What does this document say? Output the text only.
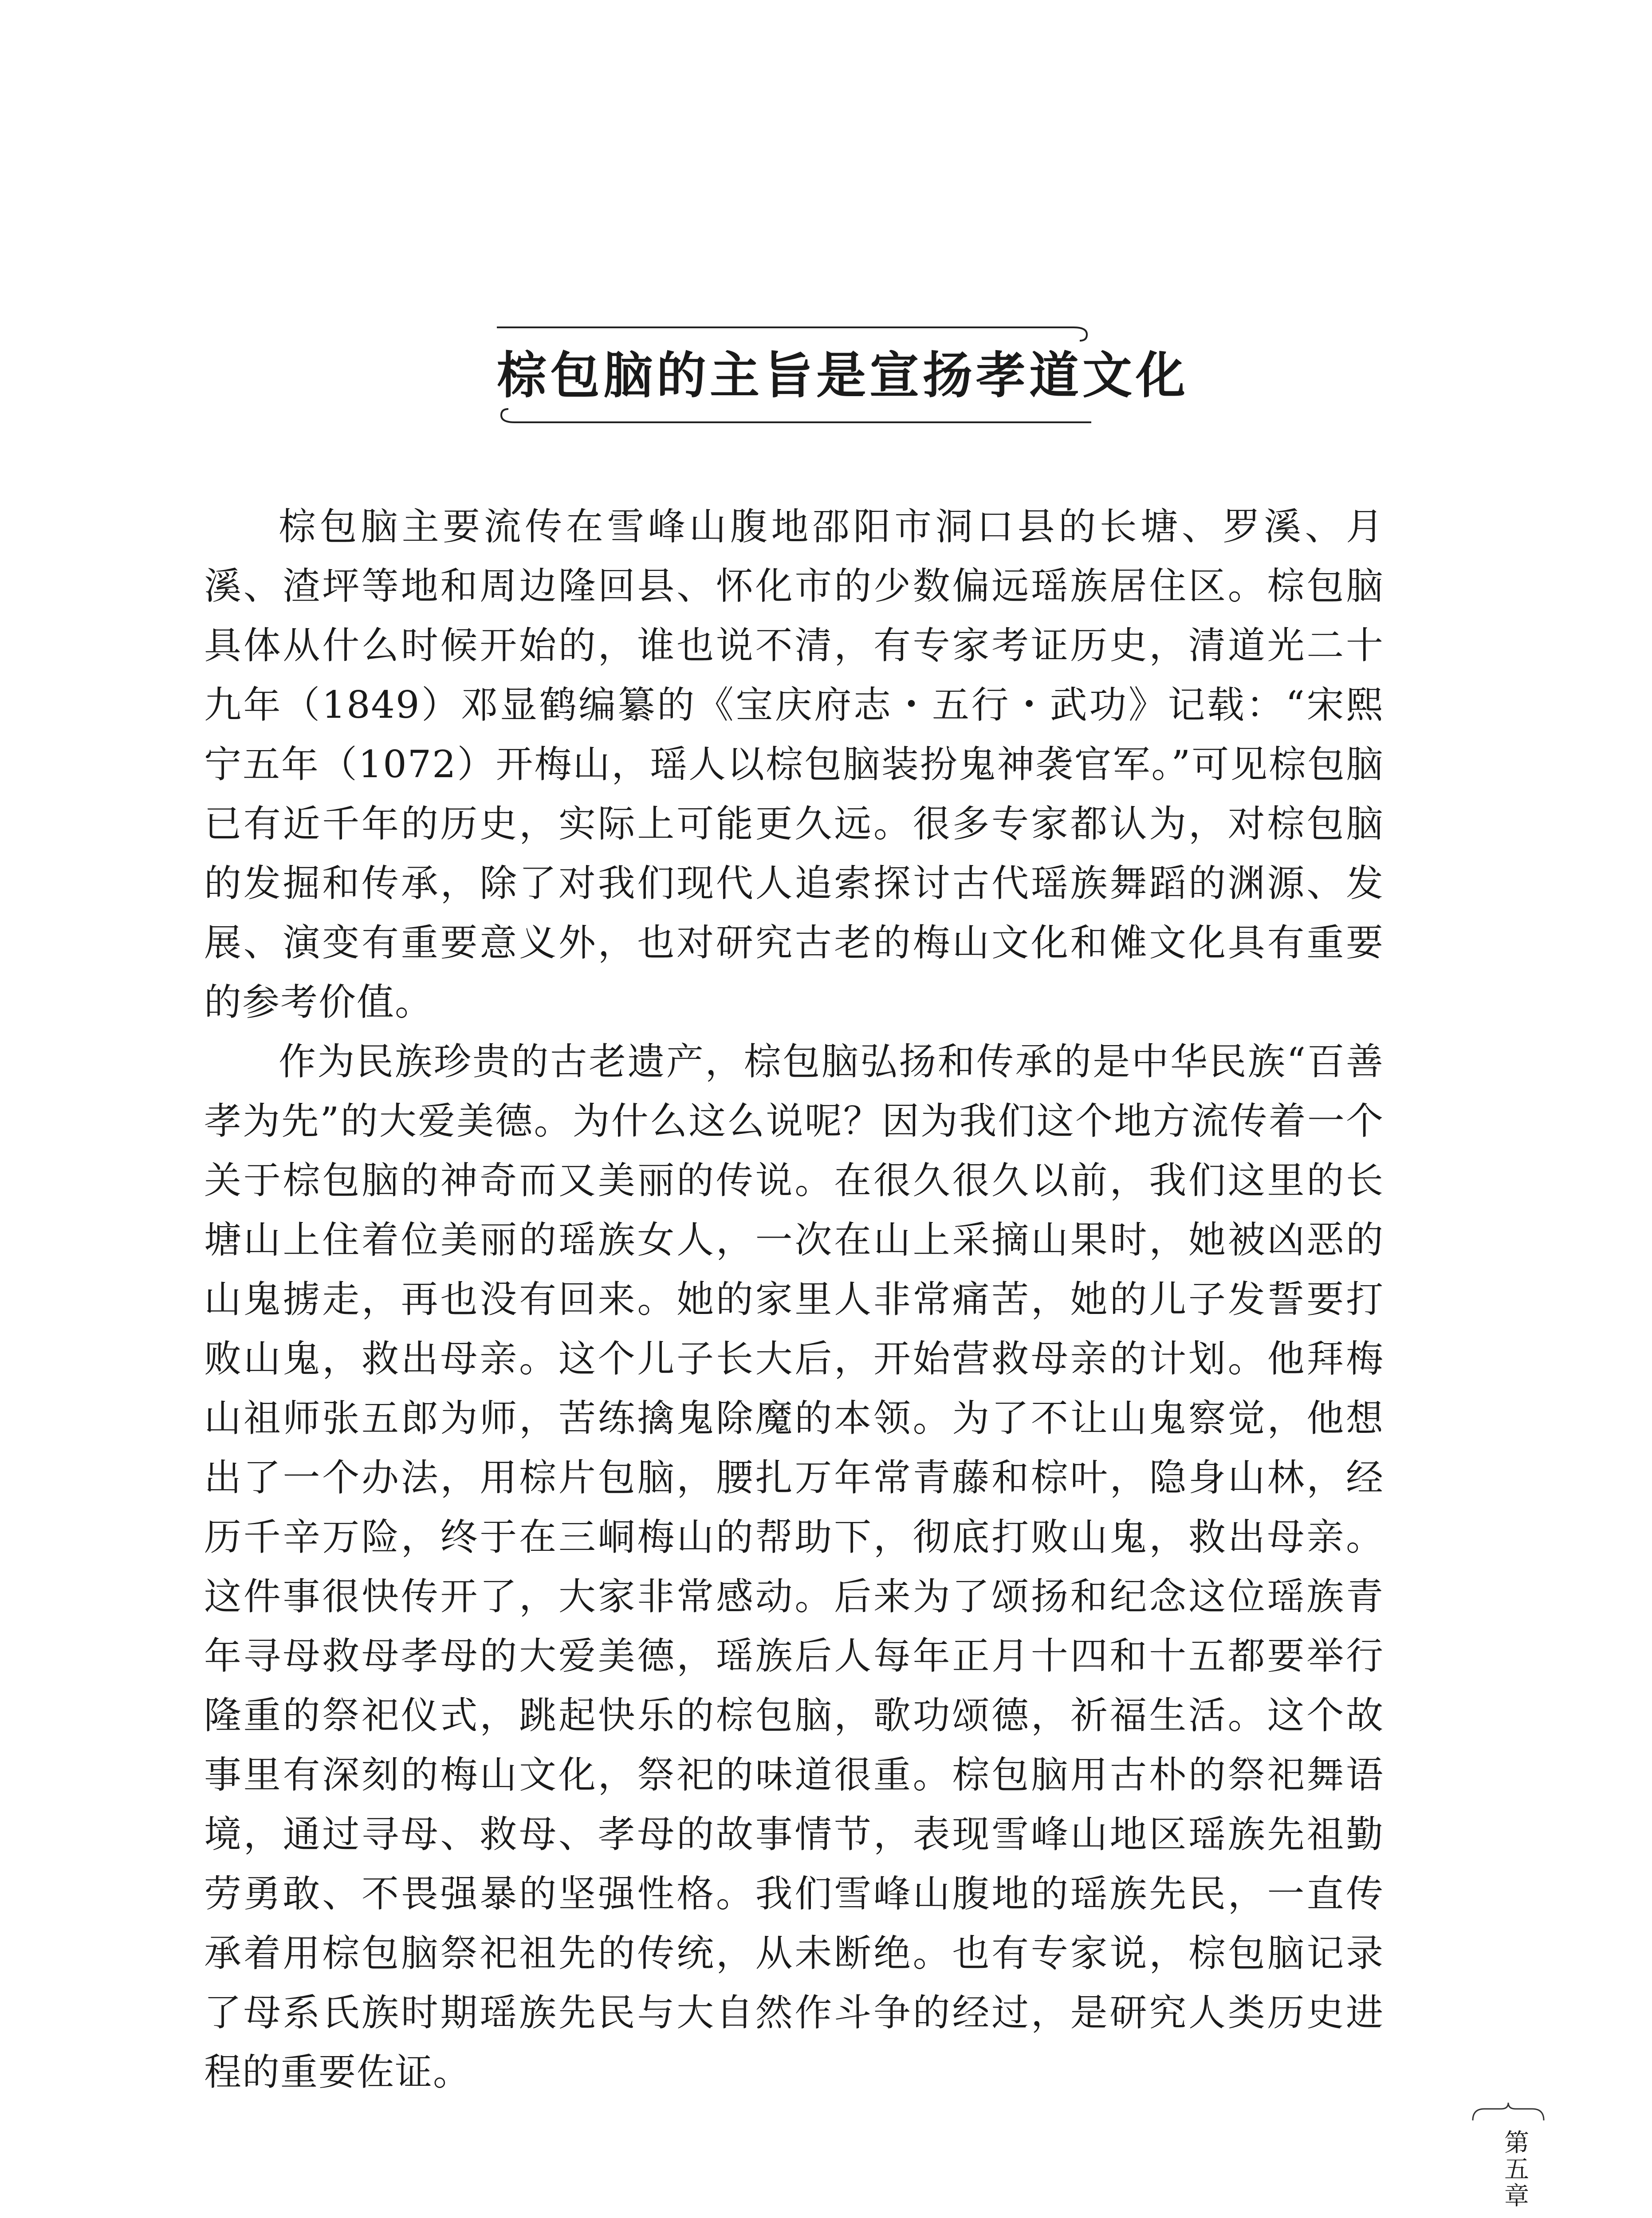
棕包脑的主旨是宣扬孝道文化

棕包脑主要流传在雪峰山腹地邵阳市洞口县的长塘、罗溪、月溪、渣坪等地和周边隆回县、怀化市的少数偏远瑶族居住区。棕包脑具体从什么时候开始的，谁也说不清，有专家考证历史，清道光二十九年（1849）邓显鹤编纂的《宝庆府志・五行・武功》记载：“宋熙宁五年（1072）开梅山，瑶人以棕包脑装扮鬼神袭官军。”可见棕包脑已有近千年的历史，实际上可能更久远。很多专家都认为，对棕包脑的发掘和传承，除了对我们现代人追索探讨古代瑶族舞蹈的渊源、发展、演变有重要意义外，也对研究古老的梅山文化和傩文化具有重要的参考价值。

作为民族珍贵的古老遗产，棕包脑弘扬和传承的是中华民族“百善孝为先”的大爱美德。为什么这么说呢？因为我们这个地方流传着一个关于棕包脑的神奇而又美丽的传说。在很久很久以前，我们这里的长塘山上住着位美丽的瑶族女人，一次在山上采摘山果时，她被凶恶的山鬼掳走，再也没有回来。她的家里人非常痛苦，她的儿子发誓要打败山鬼，救出母亲。这个儿子长大后，开始营救母亲的计划。他拜梅山祖师张五郎为师，苦练擒鬼除魔的本领。为了不让山鬼察觉，他想出了一个办法，用棕片包脑，腰扎万年常青藤和棕叶，隐身山林，经历千辛万险，终于在三峒梅山的帮助下，彻底打败山鬼，救出母亲。这件事很快传开了，大家非常感动。后来为了颂扬和纪念这位瑶族青年寻母救母孝母的大爱美德，瑶族后人每年正月十四和十五都要举行隆重的祭祀仪式，跳起快乐的棕包脑，歌功颂德，祈福生活。这个故事里有深刻的梅山文化，祭祀的味道很重。棕包脑用古朴的祭祀舞语境，通过寻母、救母、孝母的故事情节，表现雪峰山地区瑶族先祖勤劳勇敢、不畏强暴的坚强性格。我们雪峰山腹地的瑶族先民，一直传承着用棕包脑祭祀祖先的传统，从未断绝。也有专家说，棕包脑记录了母系氏族时期瑶族先民与大自然作斗争的经过，是研究人类历史进程的重要佐证。

第五章
